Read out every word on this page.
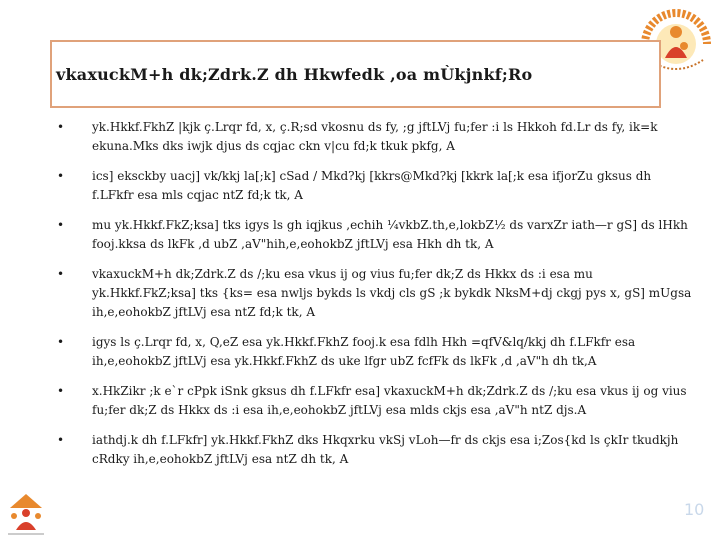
vkaxuckM+h dk;Zdrk.Z dh Hkwfedk ,oa mÙkjnkf;Ro
• yk.Hkkf.FkhZ |kjk ç.Lrqr fd, x, ç.R;sd vkosnu ds fy, ;g jftLVj fu;fer :i ls Hkkoh fd.Lr ds fy, ik=k ekuna.Mks dks iwjk djus ds cqjac ckn v|cu fd;k tkuk pkfg, A
• ics] eksckby uacj] vk/kkj la[;k] cSad / Mkd?kj [kkrs@Mkd?kj [kkrk la[;k esa ifjorZu gksus dh f.LFkfr esa mls cqjac ntZ fd;k tk, A
• mu yk.Hkkf.FkZ;ksa] tks igys ls gh iqjkus ,echih ¼vkbZ.th,e,lokbZ½ ds varxZr iath—r gS] ds lHkh fooj.kksa ds lkFk ,d ubZ ,aV"hih,e,eohokbZ jftLVj esa Hkh dh tk, A
• vkaxuckM+h dk;Zdrk.Z ds /;ku esa vkus ij og vius fu;fer dk;Z ds Hkkx ds :i esa mu yk.Hkkf.FkZ;ksa] tks {ks= esa nwljs bykds ls vkdj cls gS ;k bykdk NksM+dj ckgj pys x, gS] mUgsa ih,e,eohokbZ jftLVj esa ntZ fd;k tk, A
• igys ls ç.Lrqr fd, x, Q,eZ esa yk.Hkkf.FkhZ fooj.k esa fdlh Hkh =qfV&lq/kkj dh f.LFkfr esa ih,e,eohokbZ jftLVj esa yk.Hkkf.FkhZ ds uke lfgr ubZ fcfFk ds lkFk ,d ,aV"h dh tk,A
• x.HkZikr ;k e`r cPpk iSnk gksus dh f.LFkfr esa] vkaxuckM+h dk;Zdrk.Z ds /;ku esa vkus ij og vius fu;fer dk;Z ds Hkkx ds :i esa ih,e,eohokbZ jftLVj esa mlds ckjs esa ,aV"h ntZ djs.A
• iathdj.k dh f.LFkfr] yk.Hkkf.FkhZ dks Hkqxrku vkSj vLoh—fr ds ckjs esa i;Zos{kd ls çkIr tkudkjh cRdky ih,e,eohokbZ jftLVj esa ntZ dh tk, A
10
